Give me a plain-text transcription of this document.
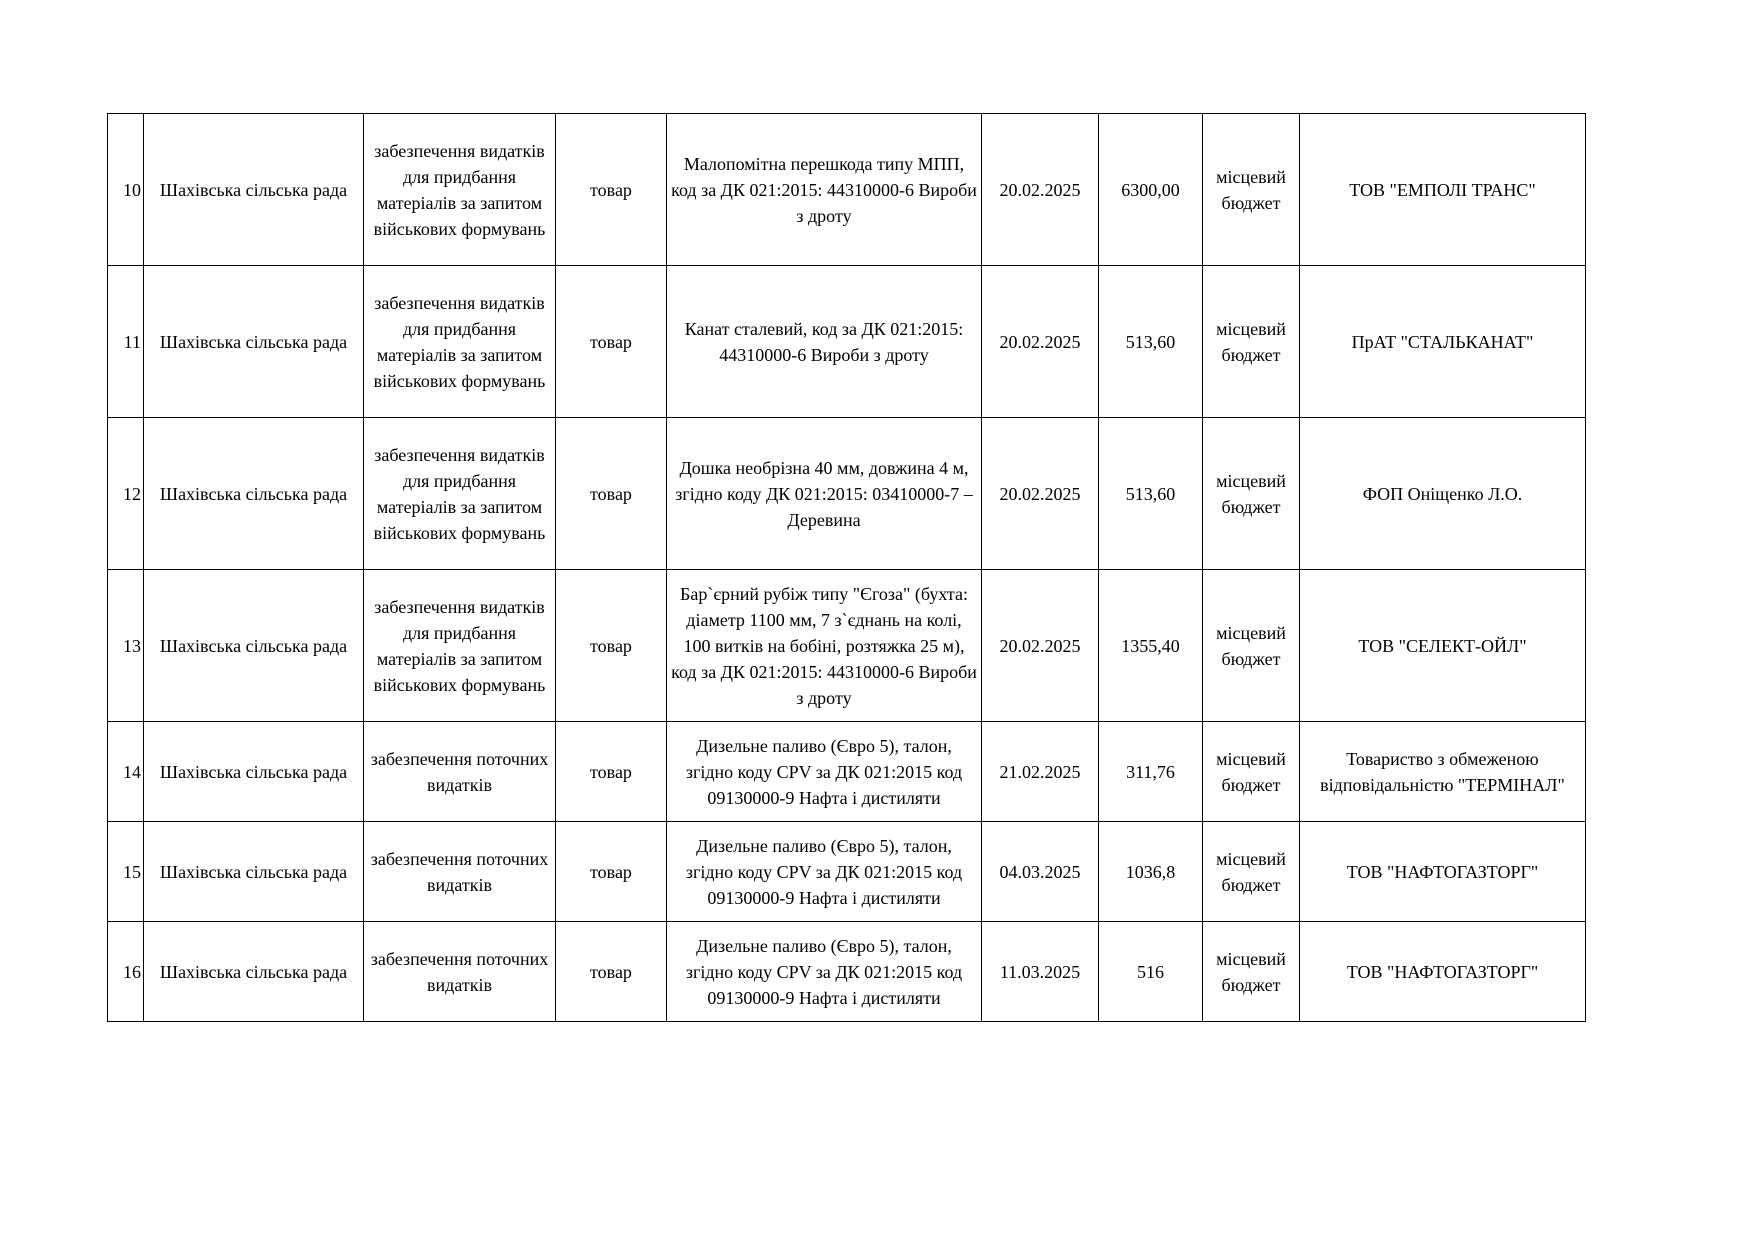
10	Шахівська сільська рада	забезпечення видатків для придбання матеріалів за запитом військових формувань	товар	Малопомітна перешкода типу МПП, код за ДК 021:2015: 44310000-6 Вироби з дроту	20.02.2025	6300,00	місцевий бюджет	ТОВ "ЕМПОЛІ ТРАНС"
11	Шахівська сільська рада	забезпечення видатків для придбання матеріалів за запитом військових формувань	товар	Канат сталевий, код за ДК 021:2015: 44310000-6 Вироби з дроту	20.02.2025	513,60	місцевий бюджет	ПрАТ "СТАЛЬКАНАТ"
12	Шахівська сільська рада	забезпечення видатків для придбання матеріалів за запитом військових формувань	товар	Дошка необрізна 40 мм, довжина 4 м, згідно коду ДК 021:2015: 03410000-7 – Деревина	20.02.2025	513,60	місцевий бюджет	ФОП Оніщенко Л.О.
13	Шахівська сільська рада	забезпечення видатків для придбання матеріалів за запитом військових формувань	товар	Бар`єрний рубіж типу "Єгоза" (бухта: діаметр 1100 мм, 7 з`єднань на колі, 100 витків на бобіні, розтяжка 25 м), код за ДК 021:2015: 44310000-6 Вироби з дроту	20.02.2025	1355,40	місцевий бюджет	ТОВ "СЕЛЕКТ-ОЙЛ"
14	Шахівська сільська рада	забезпечення поточних видатків	товар	Дизельне паливо (Євро 5), талон, згідно коду CPV за ДК 021:2015 код 09130000-9 Нафта і дистиляти	21.02.2025	311,76	місцевий бюджет	Товариство з обмеженою відповідальністю "ТЕРМІНАЛ"
15	Шахівська сільська рада	забезпечення поточних видатків	товар	Дизельне паливо (Євро 5), талон, згідно коду CPV за ДК 021:2015 код 09130000-9 Нафта і дистиляти	04.03.2025	1036,8	місцевий бюджет	ТОВ "НАФТОГАЗТОРГ"
16	Шахівська сільська рада	забезпечення поточних видатків	товар	Дизельне паливо (Євро 5), талон, згідно коду CPV за ДК 021:2015 код 09130000-9 Нафта і дистиляти	11.03.2025	516	місцевий бюджет	ТОВ "НАФТОГАЗТОРГ"
